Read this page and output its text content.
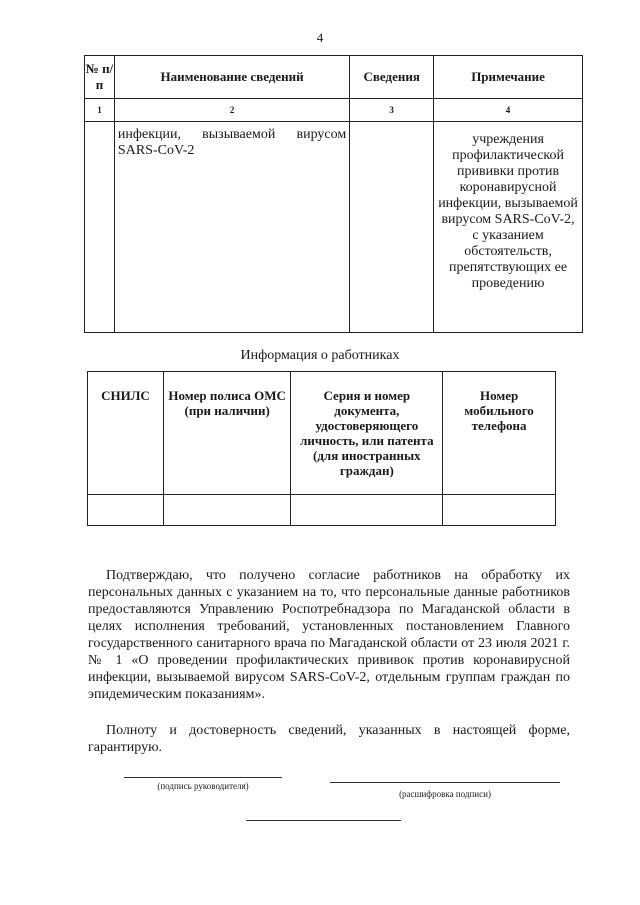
4
№ п/п	Наименование сведений	Сведения	Примечание
1	2	3	4
	инфекции, вызываемой вирусом SARS-CoV-2		учреждения профилактической прививки против коронавирусной инфекции, вызываемой вирусом SARS-CoV-2, с указанием обстоятельств, препятствующих ее проведению
Информация о работниках
СНИЛС	Номер полиса ОМС (при наличии)	Серия и номер документа, удостоверяющего личность, или патента (для иностранных граждан)	Номер мобильного телефона

Подтверждаю, что получено согласие работников на обработку их персональных данных с указанием на то, что персональные данные работников предоставляются Управлению Роспотребнадзора по Магаданской области в целях исполнения требований, установленных постановлением Главного государственного санитарного врача по Магаданской области от 23 июля 2021 г. № 1 «О проведении профилактических прививок против коронавирусной инфекции, вызываемой вирусом SARS-CoV-2, отдельным группам граждан по эпидемическим показаниям».
Полноту и достоверность сведений, указанных в настоящей форме, гарантирую.
(подпись руководителя)
(расшифровка подписи)
